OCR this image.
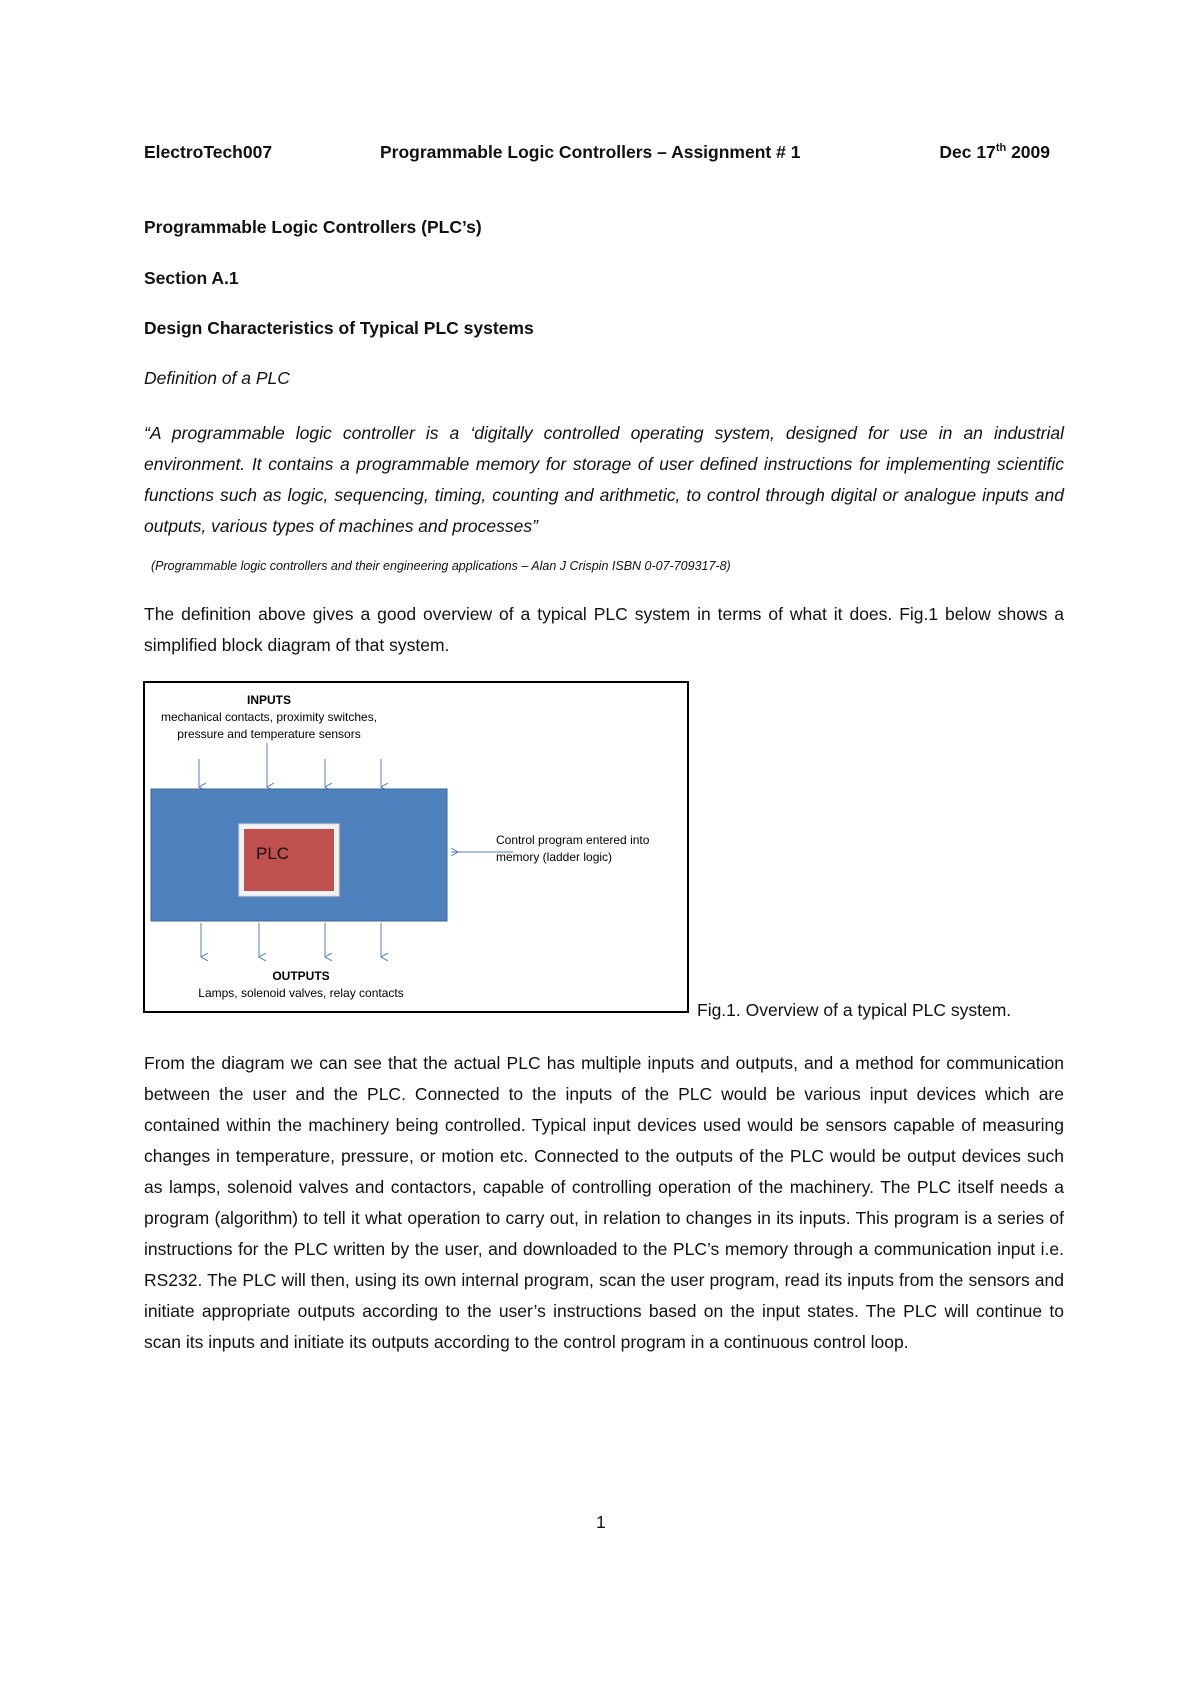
ElectroTech007	Programmable Logic Controllers – Assignment # 1	Dec 17th 2009
Programmable Logic Controllers (PLC’s)
Section A.1
Design Characteristics of Typical PLC systems
Definition of a PLC
“A programmable logic controller is a ‘digitally controlled operating system, designed for use in an industrial environment. It contains a programmable memory for storage of user defined instructions for implementing scientific functions such as logic, sequencing, timing, counting and arithmetic, to control through digital or analogue inputs and outputs, various types of machines and processes”
(Programmable logic controllers and their engineering applications – Alan J Crispin ISBN 0-07-709317-8)
The definition above gives a good overview of a typical PLC system in terms of what it does. Fig.1 below shows a simplified block diagram of that system.
INPUTS
mechanical contacts, proximity switches,
pressure and temperature sensors
PLC
Control program entered into
memory (ladder logic)
OUTPUTS
Lamps, solenoid valves, relay contacts
Fig.1. Overview of a typical PLC system.
From the diagram we can see that the actual PLC has multiple inputs and outputs, and a method for communication between the user and the PLC. Connected to the inputs of the PLC would be various input devices which are contained within the machinery being controlled. Typical input devices used would be sensors capable of measuring changes in temperature, pressure, or motion etc. Connected to the outputs of the PLC would be output devices such as lamps, solenoid valves and contactors, capable of controlling operation of the machinery. The PLC itself needs a program (algorithm) to tell it what operation to carry out, in relation to changes in its inputs. This program is a series of instructions for the PLC written by the user, and downloaded to the PLC’s memory through a communication input i.e. RS232. The PLC will then, using its own internal program, scan the user program, read its inputs from the sensors and initiate appropriate outputs according to the user’s instructions based on the input states. The PLC will continue to scan its inputs and initiate its outputs according to the control program in a continuous control loop.
1
